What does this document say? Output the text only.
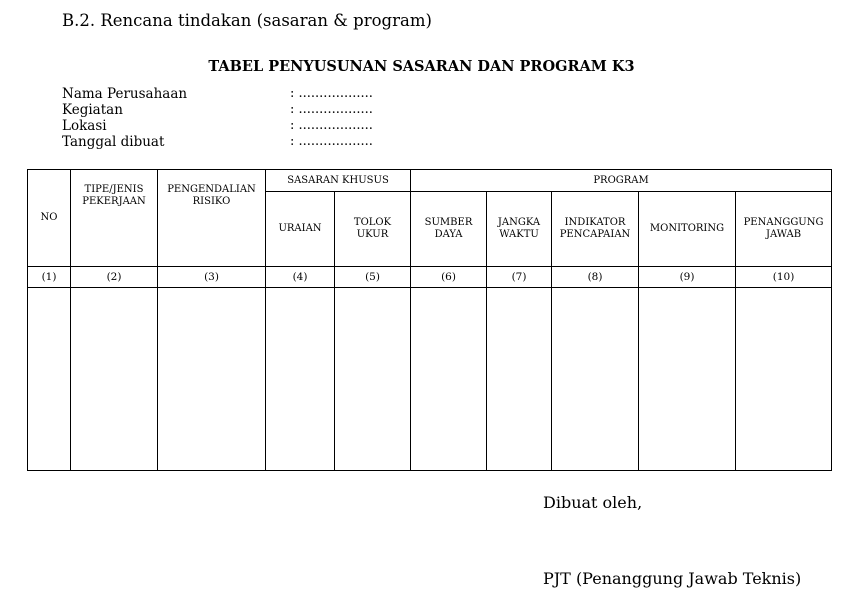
B.2. Rencana tindakan (sasaran & program)
TABEL PENYUSUNAN SASARAN DAN PROGRAM K3
Nama Perusahaan	: ..................
Kegiatan	: ..................
Lokasi	: ..................
Tanggal dibuat	: ..................
NO	TIPE/JENIS PEKERJAAN	PENGENDALIAN RISIKO	SASARAN KHUSUS		PROGRAM				
			URAIAN	TOLOK UKUR	SUMBER DAYA	JANGKA WAKTU	INDIKATOR PENCAPAIAN	MONITORING	PENANGGUNG JAWAB
(1)	(2)	(3)	(4)	(5)	(6)	(7)	(8)	(9)	(10)

Dibuat oleh,
PJT (Penanggung Jawab Teknis)
